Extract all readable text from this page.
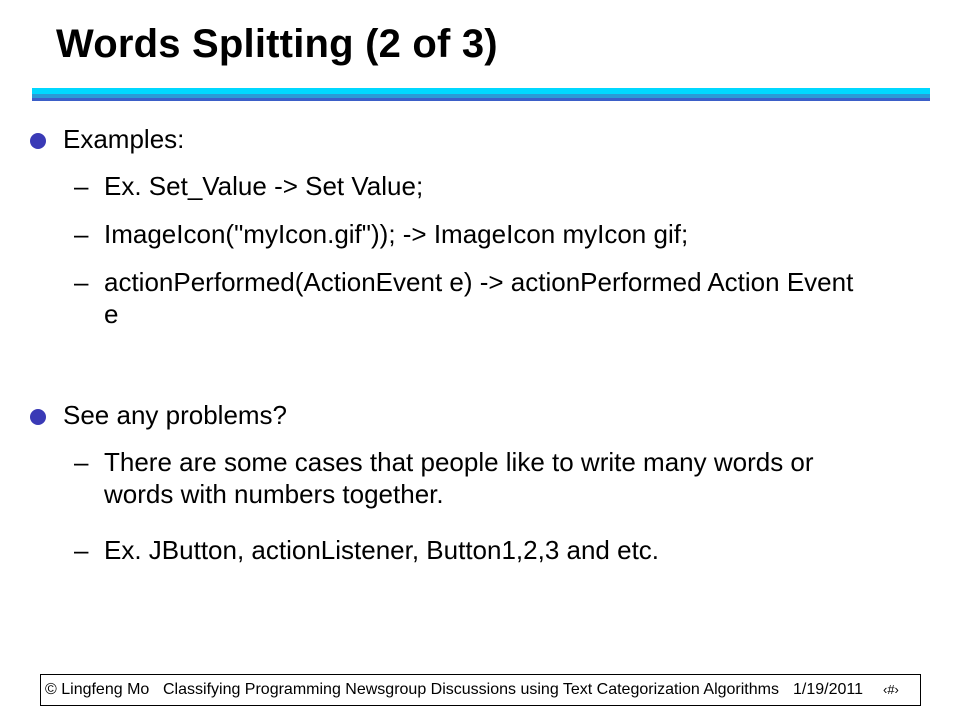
Words Splitting (2 of 3)
Examples:
– Ex. Set_Value -> Set Value;
– ImageIcon("myIcon.gif")); -> ImageIcon myIcon gif;
– actionPerformed(ActionEvent e) -> actionPerformed Action Event e
See any problems?
– There are some cases that people like to write many words or words with numbers together.
– Ex. JButton, actionListener, Button1,2,3 and etc.
© Lingfeng Mo Classifying Programming Newsgroup Discussions using Text Categorization Algorithms 1/19/2011 ‹#›
